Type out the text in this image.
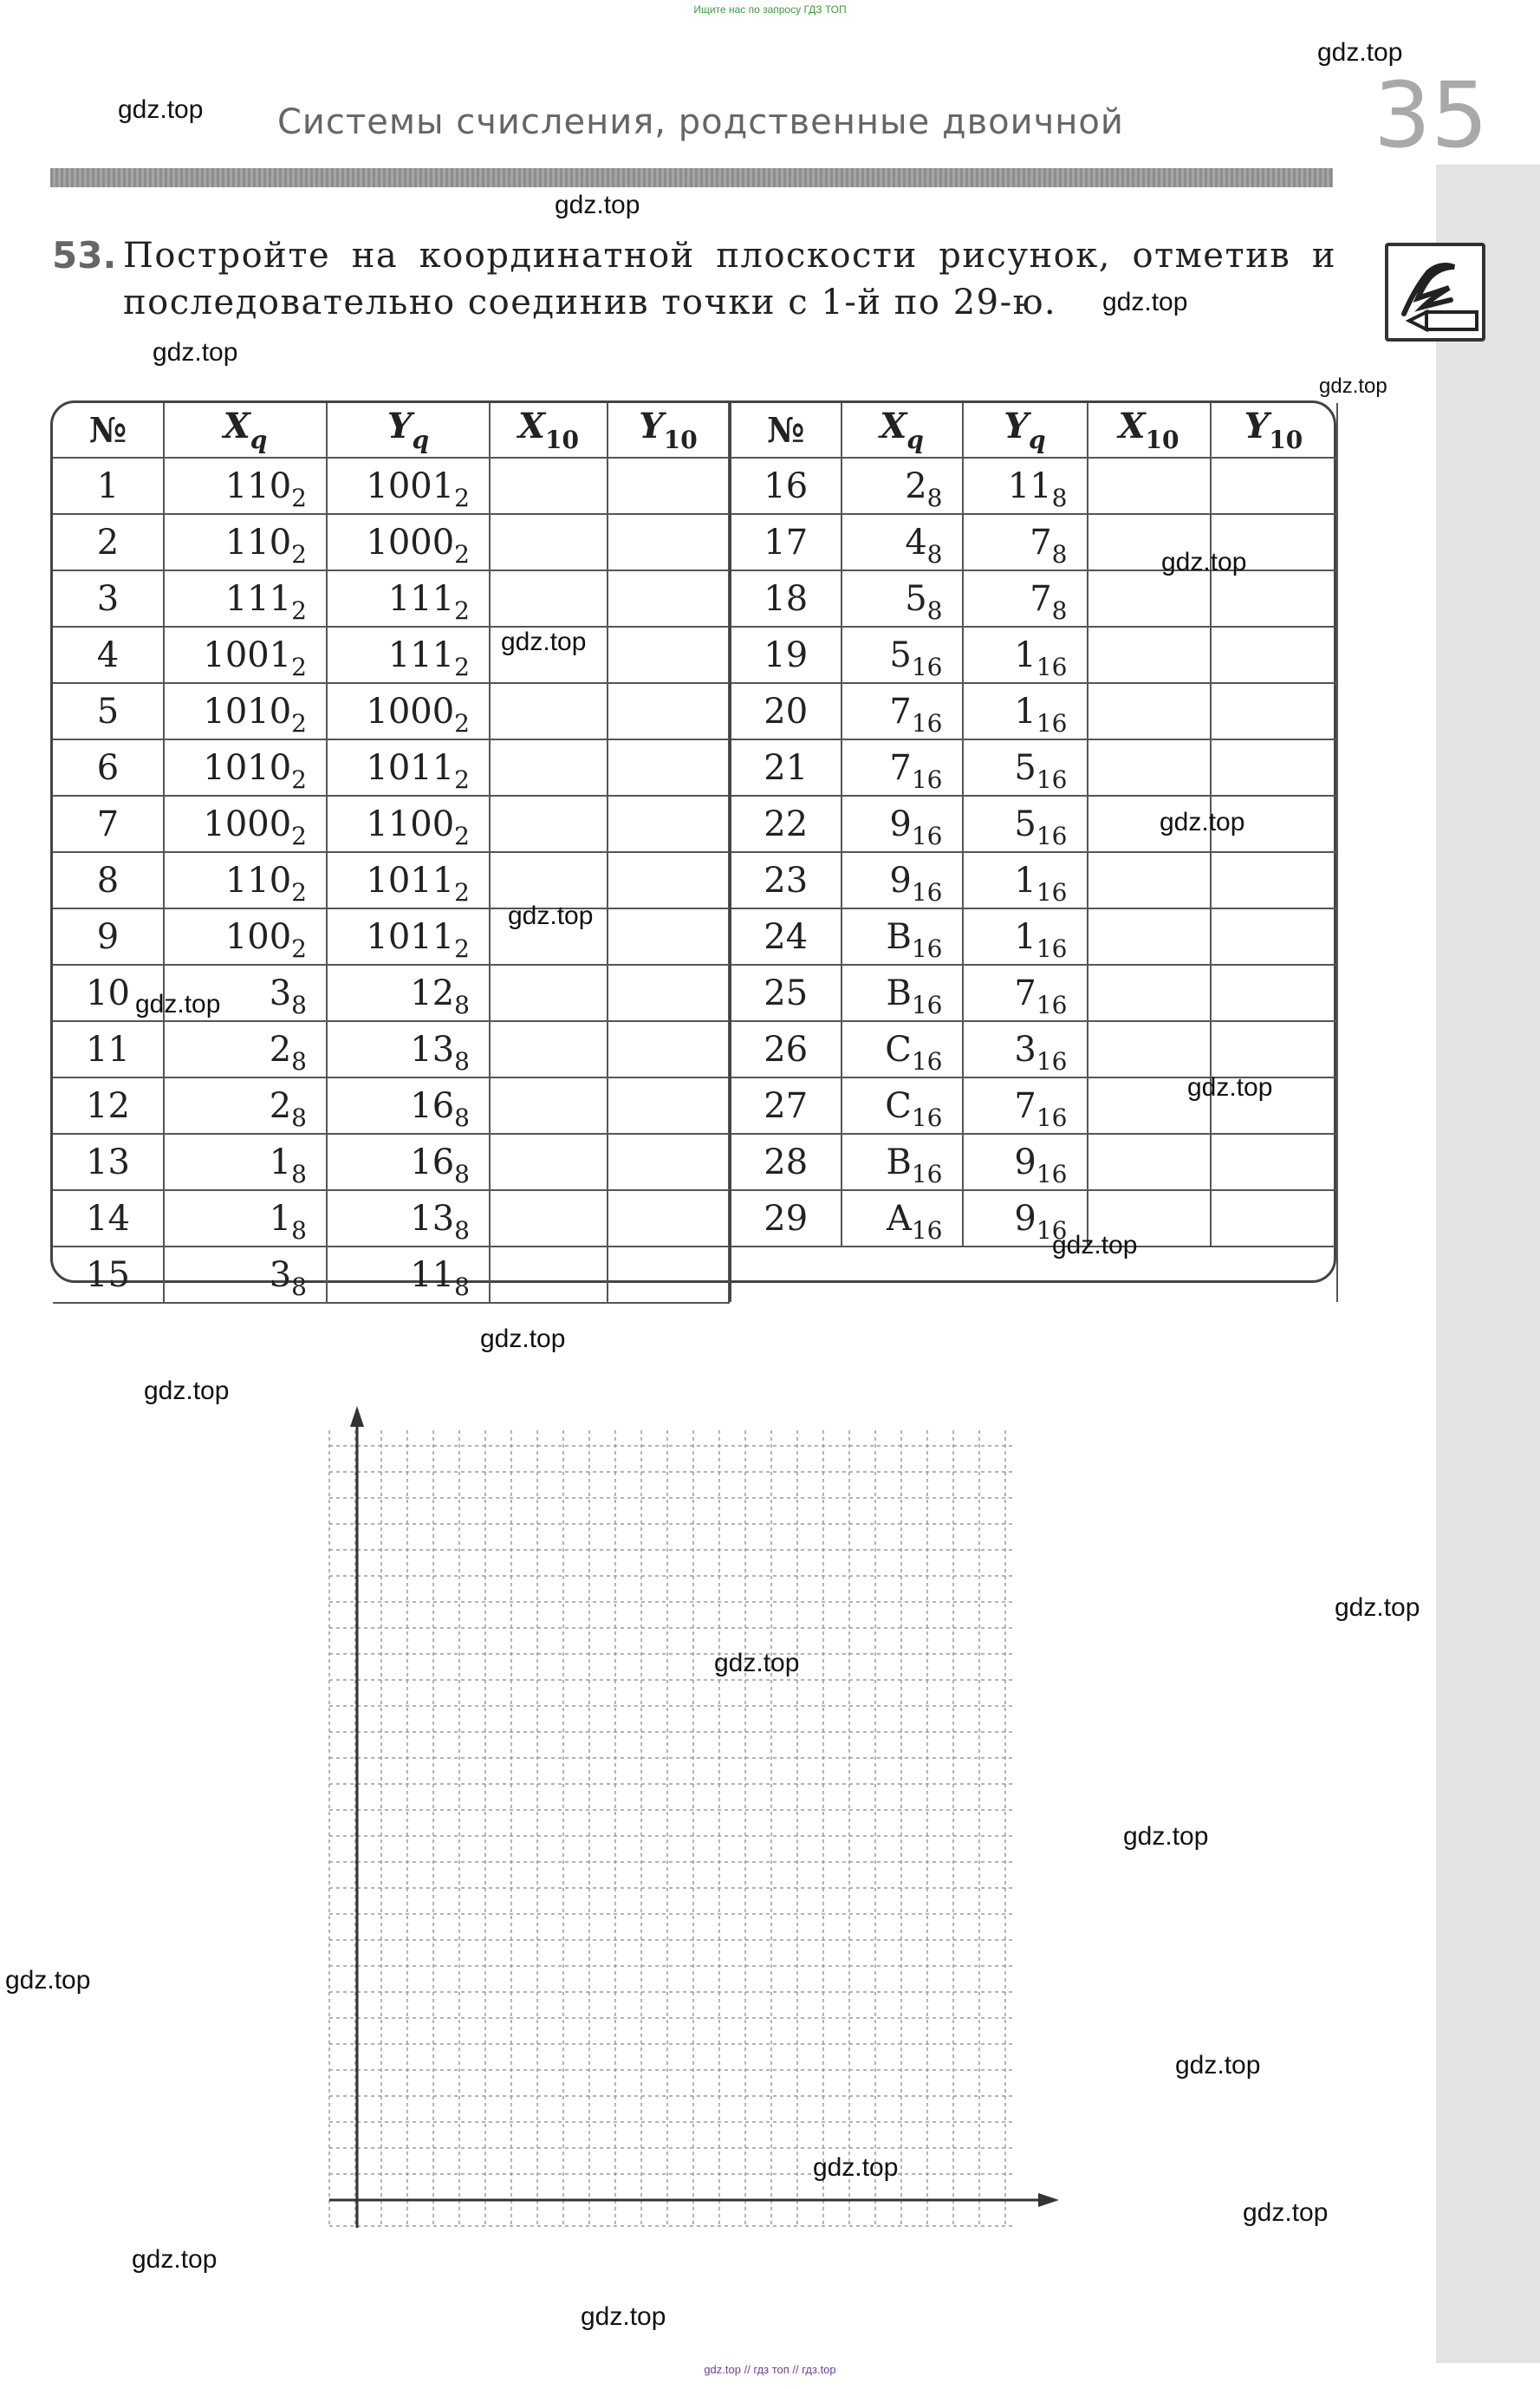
Ищите нас по запросу ГДЗ ТОП
Системы счисления, родственные двоичной	35
53. Постройте на координатной плоскости рисунок, отметив и последовательно соединив точки с 1-й по 29-ю.
gdz.top
gdz.top
gdz.top
gdz.top
gdz.top
gdz.top
№	$X_q$	$Y_q$	$X_{10}$	$Y_{10}$
1	$110_2$	$1001_2$		
2	$110_2$	$1000_2$		
3	$111_2$	$111_2$		
4	$1001_2$	$111_2$		
5	$1010_2$	$1000_2$		
6	$1010_2$	$1011_2$		
7	$1000_2$	$1100_2$		
8	$110_2$	$1011_2$		
9	$100_2$	$1011_2$		
10	$3_8$	$12_8$		
11	$2_8$	$13_8$		
12	$2_8$	$16_8$		
13	$1_8$	$16_8$		
14	$1_8$	$13_8$		
15	$3_8$	$11_8$		
№	$X_q$	$Y_q$	$X_{10}$	$Y_{10}$
16	$2_8$	$11_8$		
17	$4_8$	$7_8$		
18	$5_8$	$7_8$		
19	$5_{16}$	$1_{16}$		
20	$7_{16}$	$1_{16}$		
21	$7_{16}$	$5_{16}$		
22	$9_{16}$	$5_{16}$		
23	$9_{16}$	$1_{16}$		
24	$B_{16}$	$1_{16}$		
25	$B_{16}$	$7_{16}$		
26	$C_{16}$	$3_{16}$		
27	$C_{16}$	$7_{16}$		
28	$B_{16}$	$9_{16}$		
29	$A_{16}$	$9_{16}$		

gdz.top
gdz.top
gdz.top
gdz.top
gdz.top
gdz.top
gdz.top
gdz.top
gdz.top
gdz.top
gdz.top
gdz.top
gdz.top
gdz.top
gdz.top
gdz.top
gdz.top
gdz.top
gdz.top // гдз топ // гдз.top
